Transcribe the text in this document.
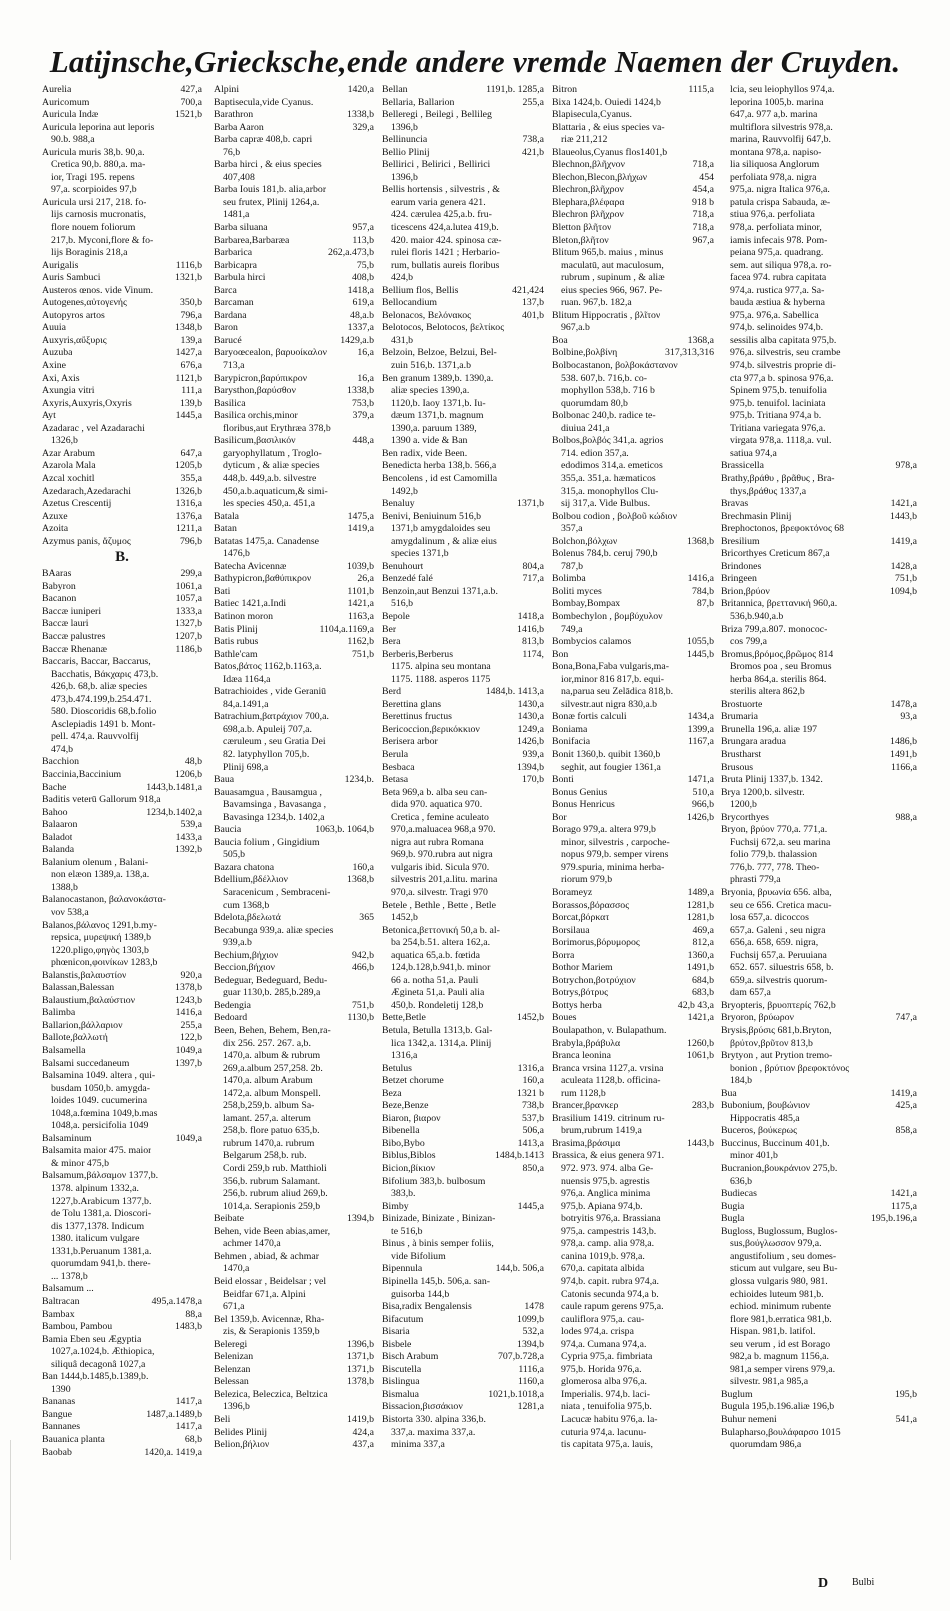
Latijnsche,Griecksche,ende andere vremde Naemen der Cruyden.
Aurelia	427,a
Auricomum	700,a
Auricula Indæ	1521,b
Auricula leporina aut leporis
90.b. 988,a
Auricula muris 38,b. 90,a.
Cretica 90,b. 880,a. ma-
ior, Tragi 195. repens
97,a. scorpioides 97,b
Auricula ursi 217, 218. fo-
lijs carnosis mucronatis,
flore nouem foliorum
217,b. Myconi,flore & fo-
lijs Boraginis 218,a
Aurigalis	1116,b
Auris Sambuci	1321,b
Austeros œnos. vide Vinum.
Autogenes,αὐτογενής	350,b
Autopyros artos	796,a
Auuia	1348,b
Auxyris,αὔξυρις	139,a
Auzuba	1427,a
Axine	676,a
Axi, Axis	1121,b
Axungia vitri	111,a
Axyris,Auxyris,Oxyris	139,b
Ayt	1445,a
Azadarac , vel Azadarachi
1326,b
Azar Arabum	647,a
Azarola Mala	1205,b
Azcal xochitl	355,a
Azedarach,Azedarachi	1326,b
Azetus Crescentij	1316,a
Azuxe	1376,a
Azoita	1211,a
Azymus panis, ἄζυμος	796,b
B.
BAaras	299,a
Babyron	1061,a
Bacanon	1057,a
Baccæ iuniperi	1333,a
Baccæ lauri	1327,b
Baccæ palustres	1207,b
Baccæ Rhenanæ	1186,b
Baccaris, Baccar, Baccarus,
Bacchatis, Βάκχαρις 473,b.
426,b. 68,b. aliæ species
473,b.474.199,b.254.471.
580. Dioscoridis 68,b.folio
Asclepiadis 1491 b. Mont-
pell. 474,a. Rauvvolfij
474,b
Bacchion	48,b
Baccinia,Baccinium	1206,b
Bache	1443,b.1481,a
Baditis veterū Gallorum 918,a
Bahoo	1234,b.1402,a
Balaaron	539,a
Baladot	1433,a
Balanda	1392,b
Balanium olenum , Balani-
non elæon 1389,a. 138,a.
1388,b
Balanocastanon, βαλανοκάστα-
νον 538,a
Balanos,βάλανος 1291,b.my-
repsica, μυρεψική 1389,b
1220.pligo,φηγὸς 1303,b
phœnicon,φοινίκων 1283,b
Balanstis,βαλαυστίον	920,a
Balassan,Balessan	1378,b
Balaustium,βαλαύστιον	1243,b
Balimba	1416,a
Ballarion,βάλλαριον	255,a
Ballote,βαλλωτή	122,b
Balsamella	1049,a
Balsami succedaneum	1397,b
Balsamina 1049. altera , qui-
busdam 1050,b. amygda-
loides 1049. cucumerina
1048,a.fœmina 1049,b.mas
1048,a. persicifolia 1049
Balsaminum	1049,a
Balsamita maior 475. maior
& minor 475,b
Balsamum,βάλσαμον 1377,b.
1378. alpinum 1332,a.
1227,b.Arabicum 1377,b.
de Tolu 1381,a. Dioscori-
dis 1377,1378. Indicum
1380. italicum vulgare
1331,b.Peruanum 1381,a.
quorumdam 941,b. there-
... 1378,b
Balsamum ...
Baltracan	495,a.1478,a
Bambax	88,a
Bambou, Pambou	1483,b
Bamia Eben seu Ægyptia
1027,a.1024,b. Æthiopica,
siliquâ decagonâ 1027,a
Ban 1444,b.1485,b.1389,b.
1390
Bananas	1417,a
Bangue	1487,a.1489,b
Bannanes	1417,a
Bauanica planta	68,b
Baobab	1420,a. 1419,a
Alpini	1420,a
Baptisecula,vide Cyanus.
Barathron	1338,b
Barba Aaron	329,a
Barba capræ 408,b. capri
76,b
Barba hirci , & eius species
407,408
Barba Iouis 181,b. alia,arbor
seu frutex, Plinij 1264,a.
1481,a
Barba siluana	957,a
Barbarea,Barbaræa	113,b
Barbarica	262,a.473,b
Barbicapra	75,b
Barbula hirci	408,b
Barca	1418,a
Barcaman	619,a
Bardana	48,a.b
Baron	1337,a
Barucé	1429,a.b
Baryoœcealon, βαρυοίκαλον	16,a
713,a
Barypicron,βαρύπικρον	16,a
Barysthon,βαρύσθον	1338,b
Basilica	753,b
Basilica orchis,minor	379,a
floribus,aut Erythræa 378,b
Basilicum,βασιλικόν	448,a
garyophyllatum , Troglo-
dyticum , & aliæ species
448,b. 449,a.b. silvestre
450,a.b.aquaticum,& simi-
les species 450,a. 451,a
Batala	1475,a
Batan	1419,a
Batatas 1475,a. Canadense
1476,b
Batecha Avicennæ	1039,b
Bathypicron,βαθύπικρον	26,a
Bati	1101,b
Batiec 1421,a.Indi	1421,a
Batinon moron	1163,a
Batis Plinij	1104,a.1169,a
Batis rubus	1162,b
Bathle'cam	751,b
Batos,βάτος 1162,b.1163,a.
Idæa 1164,a
Batrachioides , vide Geraniū
84,a.1491,a
Batrachium,βατράχιον 700,a.
698,a.b. Apuleij 707,a.
cæruleum , seu Gratia Dei
82. latyphyllon 705,b.
Plinij 698,a
Baua	1234,b.
Bauasamgua , Bausamgua ,
Bavamsinga , Bavasanga ,
Bavasinga 1234,b. 1402,a
Baucia	1063,b. 1064,b
Baucia folium , Gingidium
505,b
Bazara chatona	160,a
Bdellium,βδέλλιον	1368,b
Saracenicum , Sembraceni-
cum 1368,b
Bdelota,βδελωτά	365
Becabunga 939,a. aliæ species
939,a.b
Bechium,βήχιον	942,b
Beccion,βήχιον	466,b
Bedeguar, Bedeguard, Bedu-
guar 1130,b. 285,b.289,a
Bedengia	751,b
Bedoard	1130,b
Been, Behen, Behem, Ben,ra-
dix 256. 257. 267. a,b.
1470,a. album & rubrum
269,a.album 257,258. 2b.
1470,a. album Arabum
1472,a. album Monspell.
258,b,259,b. album Sa-
lamant. 257,a. alterum
258,b. flore patuo 635,b.
rubrum 1470,a. rubrum
Belgarum 258,b. rub.
Cordi 259,b rub. Matthioli
356,b. rubrum Salamant.
256,b. rubrum aliud 269,b.
1014,a. Serapionis 259,b
Beibate	1394,b
Behen, vide Been abias,amer,
achmer 1470,a
Behmen , abiad, & achmar
1470,a
Beid elossar , Beidelsar ; vel
Beidfar 671,a. Alpini
671,a
Bel 1359,b. Avicennæ, Rha-
zis, & Serapionis 1359,b
Beleregi	1396,b
Belenizan	1371,b
Belenzan	1371,b
Belessan	1378,b
Belezica, Beleczica, Beltzica
1396,b
Beli	1419,b
Belides Plinij	424,a
Belion,βήλιον	437,a
Bellan	1191,b. 1285,a
Bellaria, Ballarion	255,a
Belleregi , Beilegi , Bellileg
1396,b
Bellinuncia	738,a
Bellio Plinij	421,b
Bellirici , Belirici , Bellirici
1396,b
Bellis hortensis , silvestris , &
earum varia genera 421.
424. cærulea 425,a.b. fru-
ticescens 424,a.lutea 419,b.
420. maior 424. spinosa cæ-
rulei floris 1421 ; Herbario-
rum, bullatis aureis floribus
424,b
Bellium flos, Bellis	421,424
Bellocandium	137,b
Belonacos, Βελόνακος	401,b
Belotocos, Belotocos, βελτίκος
431,b
Belzoin, Belzoe, Belzui, Bel-
zuin 516,b. 1371,a.b
Ben granum 1389,b. 1390,a.
aliæ species 1390,a.
1120,b. Iaoy 1371,b. Iu-
dæum 1371,b. magnum
1390,a. paruum 1389,
1390 a. vide & Ban
Ben radix, vide Been.
Benedicta herba 138,b. 566,a
Bencolens , id est Camomilla
1492,b
Benaluy	1371,b
Benivi, Beniuinum 516,b
1371,b amygdaloides seu
amygdalinum , & aliæ eius
species 1371,b
Benuhourt	804,a
Benzedé falé	717,a
Benzoin,aut Benzui 1371,a.b.
516,b
Bepole	1418,a
Ber	1416,b
Bera	813,b
Berberis,Berberus	1174,
1175. alpina seu montana
1175. 1188. asperos 1175
Berd	1484,b. 1413,a
Berettina glans	1430,a
Berettinus fructus	1430,a
Bericoccion,βερικόκκιον	1249,a
Berisera arbor	1426,b
Berula	939,a
Besbaca	1394,b
Betasa	170,b
Beta 969,a b. alba seu can-
dida 970. aquatica 970.
Cretica , femine aculeato
970,a.maluacea 968,a 970.
nigra aut rubra Romana
969,b. 970.rubra aut nigra
vulgaris ibid. Sicula 970.
silvestris 201,a.litu. marina
970,a. silvestr. Tragi 970
Betele , Bethle , Bette , Betle
1452,b
Betonica,βεττονική 50,a b. al-
ba 254,b.51. altera 162,a.
aquatica 65,a.b. fœtida
124,b.128,b.941,b. minor
66 a. notha 51,a. Pauli
Ægineta 51,a. Pauli alia
450,b. Rondeletij 128,b
Bette,Betle	1452,b
Betula, Betulla 1313,b. Gal-
lica 1342,a. 1314,a. Plinij
1316,a
Betulus	1316,a
Betzet chorume	160,a
Beza	1321 b
Beze,Benze	738,b
Biaron, βιαρον	537,b
Bibenella	506,a
Bibo,Bybo	1413,a
Biblus,Biblos	1484,b.1413
Bicion,βίκιον	850,a
Bifolium 383,b. bulbosum
383,b.
Bimby	1445,a
Binizade, Binizate , Binizan-
te 516,b
Binus , à binis semper foliis,
vide Bifolium
Bipennula	144,b. 506,a
Bipinella 145,b. 506,a. san-
guisorba 144,b
Bisa,radix Bengalensis	1478
Bifacutum	1099,b
Bisaria	532,a
Bisbele	1394,b
Bisch Arabum	707,b.728,a
Biscutella	1116,a
Bislingua	1160,a
Bismalua	1021,b.1018,a
Bissacion,βισσάκιον	1281,a
Bistorta 330. alpina 336,b.
337,a. maxima 337,a.
minima 337,a
Bitron	1115,a
Bixa 1424,b. Ouiedi 1424,b
Blapisecula,Cyanus.
Blattaria , & eius species va-
riæ 211,212
Blaueolus,Cyanus flos1401,b
Blechnon,βλῆχνον	718,a
Blechon,Blecon,βλήχων	454
Blechron,βλῆχρον	454,a
Blephara,βλέφαρα	918 b
Blechron βλῆχρον	718,a
Bletton βλῆτον	718,a
Bleton,βλῆτον	967,a
Blitum 965,b. maius , minus
maculatū, aut maculosum,
rubrum , supinum , & aliæ
eius species 966, 967. Pe-
ruan. 967,b. 182,a
Blitum Hippocratis , βλῖτον
967,a.b
Boa	1368,a
Bolbine,βολβίνη	317,313,316
Bolbocastanon, βολβοκάστανον
538. 607,b. 716,b. co-
mophyllon 538,b. 716 b
quorumdam 80,b
Bolbonac 240,b. radice te-
diuiua 241,a
Bolbos,βολβός 341,a. agrios
714. edion 357,a.
edodimos 314,a. emeticos
355,a. 351,a. hæmaticos
315,a. monophyllos Clu-
sij 317,a. Vide Bulbus.
Bolbou codion , βολβοῦ κώδιον
357,a
Bolchon,βόλχων	1368,b
Bolenus 784,b. ceruj 790,b
787,b
Bolimba	1416,a
Boliti myces	784,b
Bombay,Bompax	87,b
Bombechylon , βομβύχυλον
749,a
Bombycios calamos	1055,b
Bon	1445,b
Bona,Bona,Faba vulgaris,ma-
ior,minor 816 817,b. equi-
na,parua seu Zelādica 818,b.
silvestr.aut nigra 830,a.b
Bonæ fortis calculi	1434,a
Boniama	1399,a
Bonifacia	1167,a
Bonit 1360,b. quibit 1360,b
seghit, aut fougier 1361,a
Bonti	1471,a
Bonus Genius	510,a
Bonus Henricus	966,b
Bor	1426,b
Borago 979,a. altera 979,b
minor, silvestris , carpoche-
nopus 979,b. semper virens
979.spuria, minima herba-
riorum 979,b
Borameyz	1489,a
Borassos,βόρασσος	1281,b
Borcat,βόρκατ	1281,b
Borsilaua	469,a
Borimorus,βόρυμορος	812,a
Borra	1360,a
Bothor Mariem	1491,b
Botrychon,βοτρύχιον	684,b
Botrys,βότρυς	683,b
Bottys herba	42,b 43,a
Boues	1421,a
Boulapathon, v. Bulapathum.
Brabyla,βράβυλα	1260,b
Branca leonina	1061,b
Branca vrsina 1127,a. vrsina
aculeata 1128,b. officina-
rum 1128,b
Brancer,βρανκερ	283,b
Brasilium 1419. citrinum ru-
brum,rubrum 1419,a
Brasima,βράσιμα	1443,b
Brassica, & eius genera 971.
972. 973. 974. alba Ge-
nuensis 975,b. agrestis
976,a. Anglica minima
975,b. Apiana 974,b.
botryitis 976,a. Brassiana
975,a. campestris 143,b.
978,a. camp. alia 978,a.
canina 1019,b. 978,a.
670,a. capitata albida
974,b. capit. rubra 974,a.
Catonis secunda 974,a b.
caule rapum gerens 975,a.
cauliflora 975,a. cau-
lodes 974,a. crispa
974,a. Cumana 974,a.
Cypria 975,a. fimbriata
975,b. Horida 976,a.
glomerosa alba 976,a.
Imperialis. 974,b. laci-
niata , tenuifolia 975,b.
Lacucæ habitu 976,a. la-
cuturia 974,a. lacunu-
tis capitata 975,a. lauis,
lcia, seu leiophyllos 974,a.
leporina 1005,b. marina
647,a. 977 a,b. marina
multiflora silvestris 978,a.
marina, Rauvvolfij 647,b.
montana 978,a. napiso-
lia siliquosa Anglorum
perfoliata 978,a. nigra
975,a. nigra Italica 976,a.
patula crispa Sabauda, æ-
stiua 976,a. perfoliata
978,a. perfoliata minor,
iamis infecais 978. Pom-
peiana 975,a. quadrang.
sem. aut siliqua 978,a. ro-
facea 974. rubra capitata
974,a. rustica 977,a. Sa-
bauda æstiua & hyberna
975,a. 976,a. Sabellica
974,b. selinoides 974,b.
sessilis alba capitata 975,b.
976,a. silvestris, seu crambe
974,b. silvestris proprie di-
cta 977,a b. spinosa 976,a.
Spinem 975,b. tenuifolia
975,b. tenuifol. laciniata
975,b. Tritiana 974,a b.
Tritiana variegata 976,a.
virgata 978,a. 1118,a. vul.
satiua 974,a
Brassicella	978,a
Brathy,βράθυ , βρᾶθυς , Bra-
thys,βράθυς 1337,a
Bravas	1421,a
Brechmasin Plinij	1443,b
Brephoctonos, βρεφοκτόνος 68
Bresilium	1419,a
Bricorthyes Creticum 867,a
Brindones	1428,a
Bringeen	751,b
Brion,βρύον	1094,b
Britannica, βρεττανική 960,a.
536,b.940,a.b
Briza 799,a.807. monococ-
cos 799,a
Bromus,βρόμος,βρῶμος 814
Bromos poa , seu Bromus
herba 864,a. sterilis 864.
sterilis altera 862,b
Brostuorte	1478,a
Brumaria	93,a
Brunella 196,a. aliæ 197
Brungara aradua	1486,b
Brustharst	1491,b
Brusous	1166,a
Bruta Plinij 1337,b. 1342.
Brya 1200,b. silvestr.
1200,b
Brycorthyes	988,a
Bryon, βρύον 770,a. 771,a.
Fuchsij 672,a. seu marina
folio 779,b. thalassion
776,b. 777, 778. Theo-
phrasti 779,a
Bryonia, βρυωνία 656. alba,
seu ce 656. Cretica macu-
losa 657,a. dicoccos
657,a. Galeni , seu nigra
656,a. 658, 659. nigra,
Fuchsij 657,a. Peruuiana
652. 657. siluestris 658, b.
659,a. silvestris quorum-
dam 657,a
Bryopteris, βρυοπτερίς 762,b
Bryoron, βρύωρον	747,a
Brysis,βρύσις 681,b.Bryton,
βρύτον,βρῦτον 813,b
Brytyon , aut Prytion tremo-
bonion , βρύτιον βρεφοκτόνος
184,b
Bua	1419,a
Bubonium, βουβώνιον	425,a
Hippocratis 485,a
Buceros, βούκερως	858,a
Buccinus, Buccinum 401,b.
minor 401,b
Bucranion,βουκράνιον 275,b.
636,b
Budiecas	1421,a
Bugia	1175,a
Bugla	195,b.196,a
Bugloss, Buglossum, Buglos-
sus,βούγλωσσον 979,a.
angustifolium , seu domes-
sticum aut vulgare, seu Bu-
glossa vulgaris 980, 981.
echioides luteum 981,b.
echiod. minimum rubente
flore 981,b.erratica 981,b.
Hispan. 981,b. latifol.
seu verum , id est Borago
982,a b. magnum 1156,a.
981,a semper virens 979,a.
silvestr. 981,a 985,a
Buglum	195,b
Bugula 195,b.196.aliæ 196,b
Buhur nemeni	541,a
Bulapharso,βουλάφαρσο 1015
quorumdam 986,a
D Bulbi
